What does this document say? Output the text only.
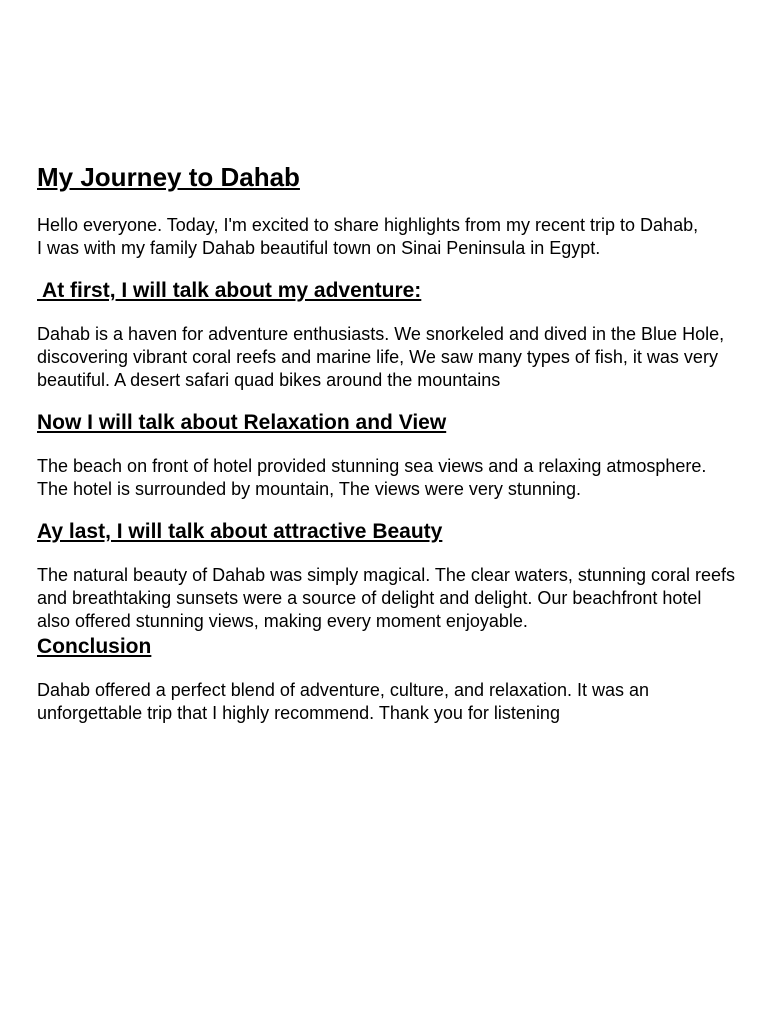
My Journey to Dahab

Hello everyone. Today, I'm excited to share highlights from my recent trip to Dahab,
I was with my family Dahab beautiful town on Sinai Peninsula in Egypt.

At first, I will talk about my adventure:

Dahab is a haven for adventure enthusiasts. We snorkeled and dived in the Blue Hole, discovering vibrant coral reefs and marine life, We saw many types of fish, it was very beautiful. A desert safari quad bikes around the mountains

Now I will talk about Relaxation and View

The beach on front of hotel provided stunning sea views and a relaxing atmosphere. The hotel is surrounded by mountain, The views were very stunning.

Ay last, I will talk about attractive Beauty

The natural beauty of Dahab was simply magical. The clear waters, stunning coral reefs and breathtaking sunsets were a source of delight and delight. Our beachfront hotel also offered stunning views, making every moment enjoyable.

Conclusion

Dahab offered a perfect blend of adventure, culture, and relaxation. It was an unforgettable trip that I highly recommend. Thank you for listening
